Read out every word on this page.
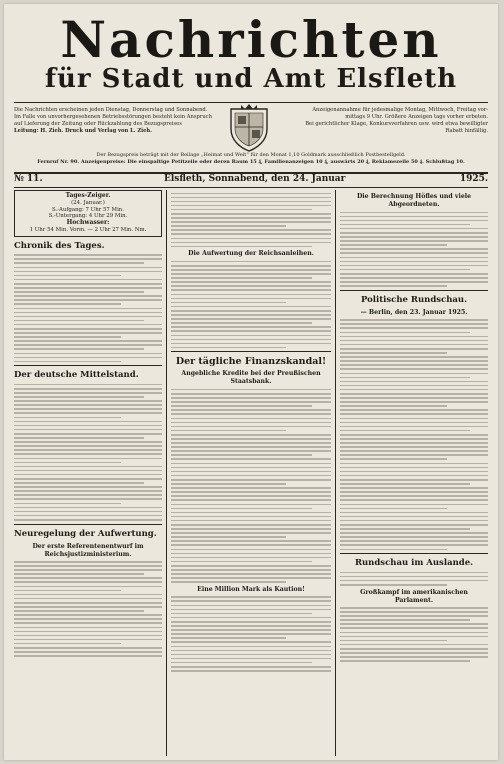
Nachrichten
für Stadt und Amt Elsfleth

Die Nachrichten erscheinen jeden Dienstag, Donnerstag und Sonnabend.

Im Falle von unvorhergesehenen Betriebsstörungen besteht kein Anspruch

auf Lieferung der Zeitung oder Rückzahlung des Bezugspreises

Leitung: H. Zieh. Druck und Verlag von L. Zieh.

Anzeigenannahme für jedesmalige Montag, Mittwoch, Freitag vor-

mittags 9 Uhr. Größere Anzeigen tags vorher erbeten.

Bei gerichtlicher Klage, Konkursverfahren usw. wird etwa bewilligter

Rabatt hinfällig.

Der Bezugspreis beträgt mit der Beilage „Heimat und Welt“ für den Monat 1,10 Goldmark ausschließlich Postbestellgeld.
Fernruf Nr. 90. Anzeigenpreise: Die einspaltige Petitzeile oder deren Raum 15 ₰, Familienanzeigen 10 ₰, auswärts 20 ₰, Reklamezeile 50 ₰. Schlußtag 10.
№ 11.	Elsfleth, Sonnabend, den 24. Januar	1925.
Tages-Zeiger.
(24. Januar.)
S.-Aufgang: 7 Uhr 57 Min.
S.-Untergang: 4 Uhr 29 Min.
Hochwasser:
1 Uhr 54 Min. Vorm. — 2 Uhr 27 Min. Nm.
Chronik des Tages.
Der deutsche Mittelstand.
Neuregelung der Aufwertung.
Der erste Referentenentwurf im Reichsjustizministerium.
Die Aufwertung der Reichsanleihen.
Der tägliche Finanzskandal!
Angebliche Kredite bei der Preußischen Staatsbank.
Eine Million Mark als Kaution!
Die Berechnung Höfles und viele Abgeordneten.
Politische Rundschau.
— Berlin, den 23. Januar 1925.
Rundschau im Auslande.
Großkampf im amerikanischen Parlament.
